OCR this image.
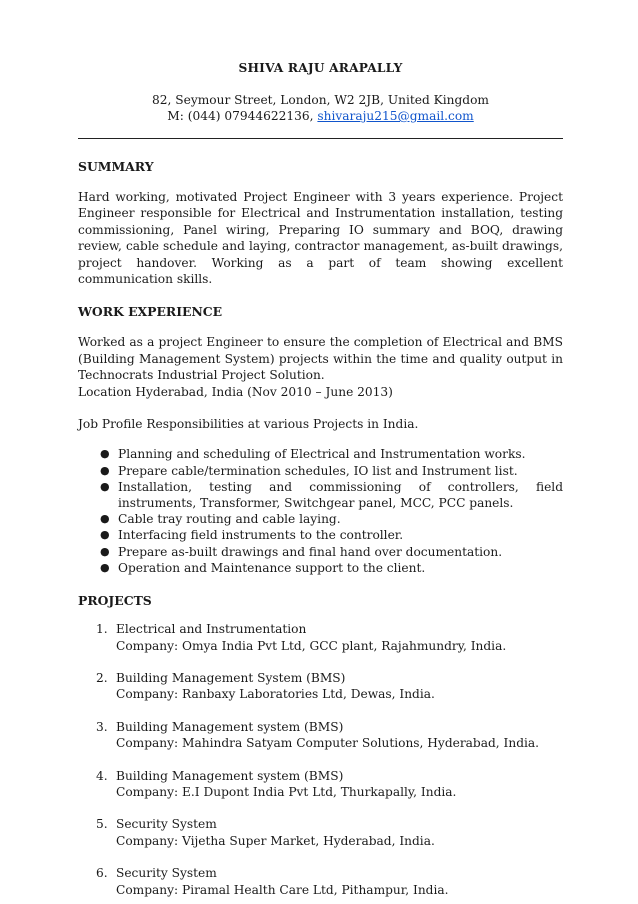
SHIVA RAJU ARAPALLY
82, Seymour Street, London, W2 2JB, United Kingdom
M: (044) 07944622136, shivaraju215@gmail.com
SUMMARY
Hard working, motivated Project Engineer with 3 years experience. Project Engineer responsible for Electrical and Instrumentation installation, testing commissioning, Panel wiring, Preparing IO summary and BOQ, drawing review, cable schedule and laying, contractor management, as-built drawings, project handover. Working as a part of team showing excellent communication skills.
WORK EXPERIENCE
Worked as a project Engineer to ensure the completion of Electrical and BMS (Building Management System) projects within the time and quality output in Technocrats Industrial Project Solution.
Location Hyderabad, India (Nov 2010 – June 2013)
Job Profile Responsibilities at various Projects in India.
● Planning and scheduling of Electrical and Instrumentation works.
● Prepare cable/termination schedules, IO list and Instrument list.
● Installation, testing and commissioning of controllers, field instruments, Transformer, Switchgear panel, MCC, PCC panels.
● Cable tray routing and cable laying.
● Interfacing field instruments to the controller.
● Prepare as-built drawings and final hand over documentation.
● Operation and Maintenance support to the client.
PROJECTS
1. Electrical and Instrumentation
Company: Omya India Pvt Ltd, GCC plant, Rajahmundry, India.
2. Building Management System (BMS)
Company: Ranbaxy Laboratories Ltd, Dewas, India.
3. Building Management system (BMS)
Company: Mahindra Satyam Computer Solutions, Hyderabad, India.
4. Building Management system (BMS)
Company: E.I Dupont India Pvt Ltd, Thurkapally, India.
5. Security System
Company: Vijetha Super Market, Hyderabad, India.
6. Security System
Company: Piramal Health Care Ltd, Pithampur, India.
